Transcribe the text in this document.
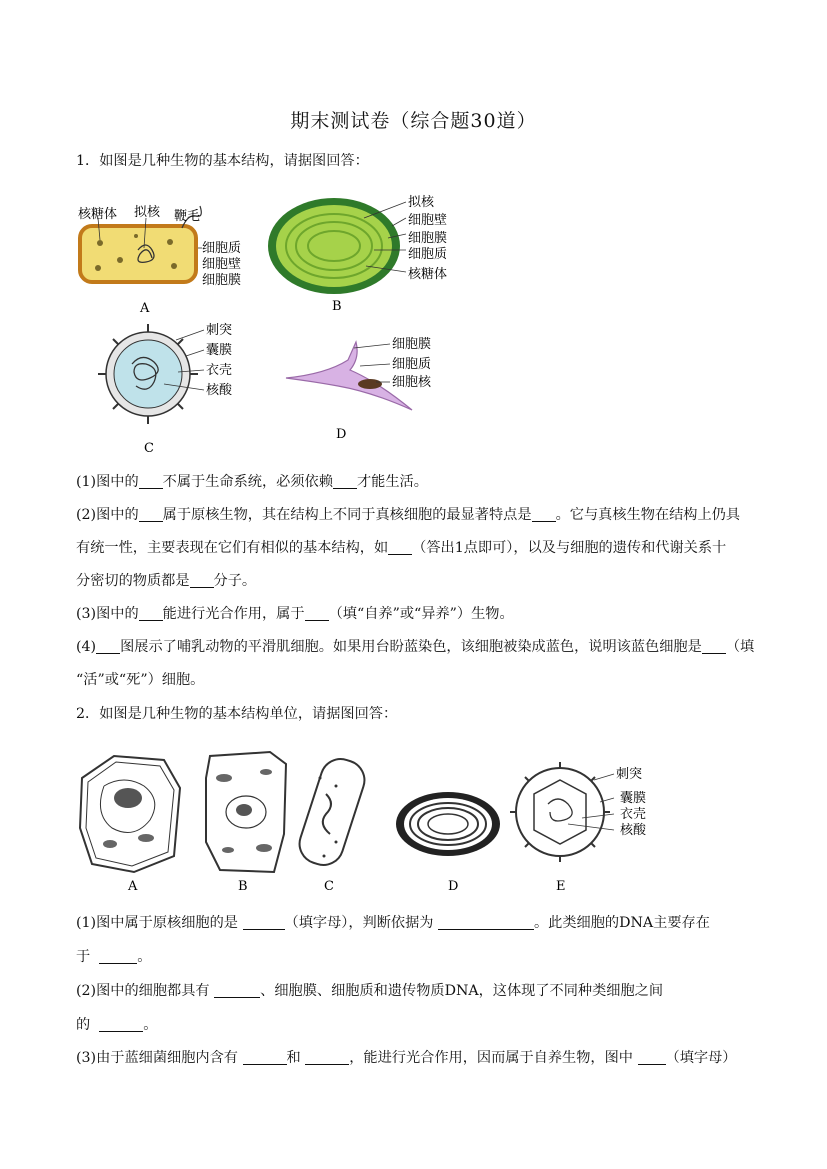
期末测试卷（综合题30道）
1．如图是几种生物的基本结构，请据图回答：
核糖体 拟核 鞭毛
细胞质
细胞壁
细胞膜
A
拟核
细胞壁
细胞膜
细胞质
核糖体
B
刺突
囊膜
衣壳
核酸
C
细胞膜
细胞质
细胞核
D
(1)图中的 不属于生命系统，必须依赖 才能生活。
(2)图中的 属于原核生物，其在结构上不同于真核细胞的最显著特点是 。它与真核生物在结构上仍具
有统一性，主要表现在它们有相似的基本结构，如 （答出1点即可），以及与细胞的遗传和代谢关系十
分密切的物质都是 分子。
(3)图中的 能进行光合作用，属于 （填“自养”或“异养”）生物。
(4) 图展示了哺乳动物的平滑肌细胞。如果用台盼蓝染色，该细胞被染成蓝色，说明该蓝色细胞是 （填
“活”或“死”）细胞。
2．如图是几种生物的基本结构单位，请据图回答：
A	B	C	D
刺突
囊膜
衣壳
核酸
E
(1)图中属于原核细胞的是	（填字母），判断依据为	。此类细胞的DNA主要存在
于	。
(2)图中的细胞都具有	、细胞膜、细胞质和遗传物质DNA，这体现了不同种类细胞之间
的	。
(3)由于蓝细菌细胞内含有	和	，能进行光合作用，因而属于自养生物，图中 （填字母）
